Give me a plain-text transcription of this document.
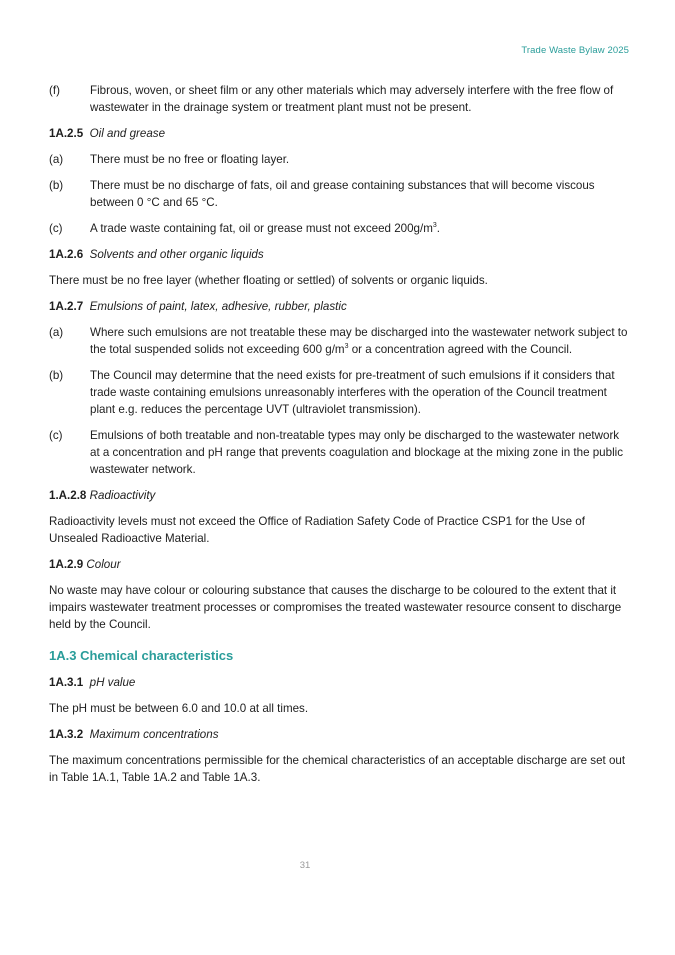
Trade Waste Bylaw 2025
(f)	Fibrous, woven, or sheet film or any other materials which may adversely interfere with the free flow of wastewater in the drainage system or treatment plant must not be present.
1A.2.5 Oil and grease
(a)	There must be no free or floating layer.
(b)	There must be no discharge of fats, oil and grease containing substances that will become viscous between 0 °C and 65 °C.
(c)	A trade waste containing fat, oil or grease must not exceed $200g/m^3$.
1A.2.6 Solvents and other organic liquids

There must be no free layer (whether floating or settled) of solvents or organic liquids.

1A.2.7 Emulsions of paint, latex, adhesive, rubber, plastic
(a)	Where such emulsions are not treatable these may be discharged into the wastewater network subject to the total suspended solids not exceeding 600 $g/m^3$ or a concentration agreed with the Council.
(b)	The Council may determine that the need exists for pre-treatment of such emulsions if it considers that trade waste containing emulsions unreasonably interferes with the operation of the Council treatment plant e.g. reduces the percentage UVT (ultraviolet transmission).
(c)	Emulsions of both treatable and non-treatable types may only be discharged to the wastewater network at a concentration and pH range that prevents coagulation and blockage at the mixing zone in the public wastewater network.
1.A.2.8 Radioactivity

Radioactivity levels must not exceed the Office of Radiation Safety Code of Practice CSP1 for the Use of Unsealed Radioactive Material.

1A.2.9 Colour

No waste may have colour or colouring substance that causes the discharge to be coloured to the extent that it impairs wastewater treatment processes or compromises the treated wastewater resource consent to discharge held by the Council.

1A.3 Chemical characteristics
1A.3.1 pH value

The pH must be between 6.0 and 10.0 at all times.

1A.3.2 Maximum concentrations

The maximum concentrations permissible for the chemical characteristics of an acceptable discharge are set out in Table 1A.1, Table 1A.2 and Table 1A.3.

31
